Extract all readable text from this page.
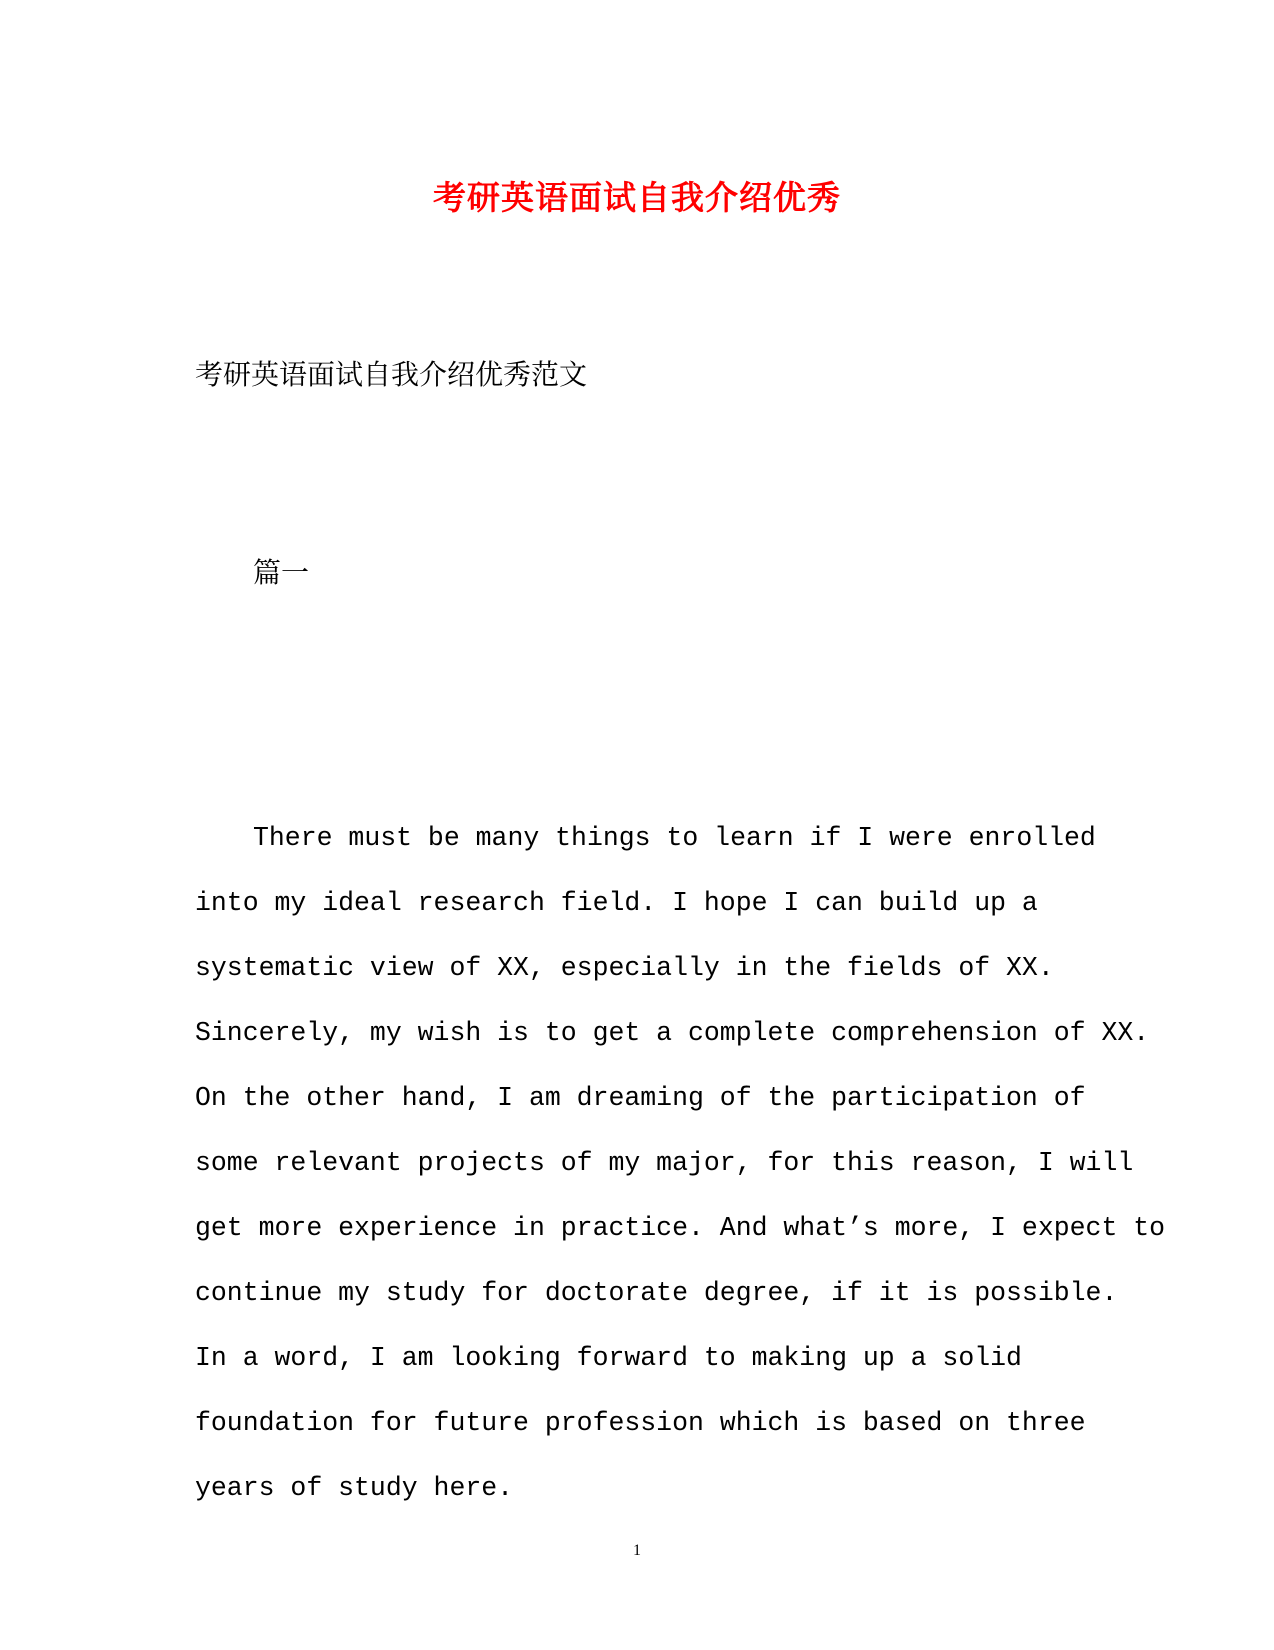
考研英语面试自我介绍优秀

考研英语面试自我介绍优秀范文

篇一

There must be many things to learn if I were enrolled
into my ideal research field. I hope I can build up a
systematic view of XX, especially in the fields of XX.
Sincerely, my wish is to get a complete comprehension of XX.
On the other hand, I am dreaming of the participation of
some relevant projects of my major, for this reason, I will
get more experience in practice. And what’s more, I expect to
continue my study for doctorate degree, if it is possible.
In a word, I am looking forward to making up a solid
foundation for future profession which is based on three
years of study here.
1
